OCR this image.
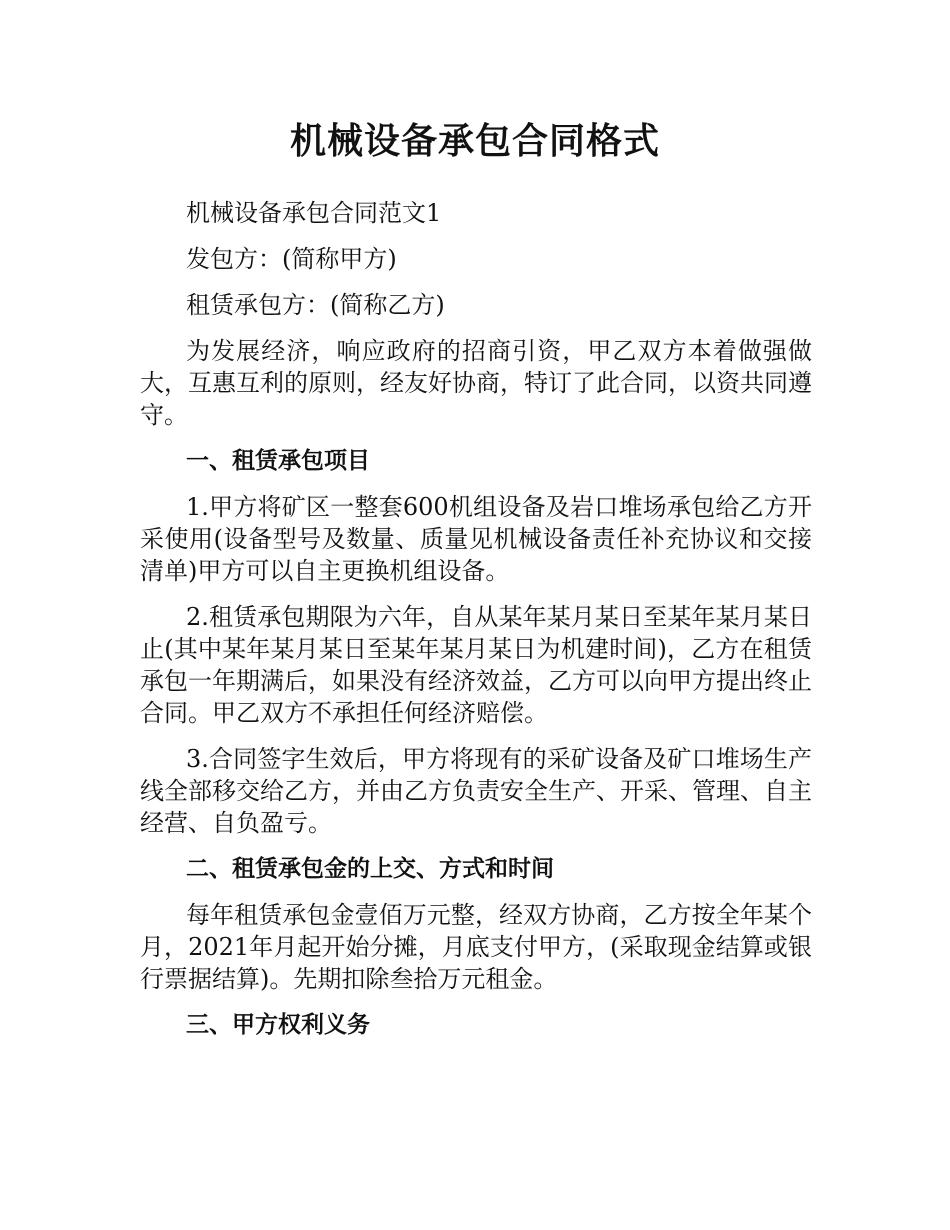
机械设备承包合同格式

机械设备承包合同范文1

发包方：(简称甲方)

租赁承包方：(简称乙方)

为发展经济，响应政府的招商引资，甲乙双方本着做强做大，互惠互利的原则，经友好协商，特订了此合同，以资共同遵守。

一、租赁承包项目

1.甲方将矿区一整套600机组设备及岩口堆场承包给乙方开采使用(设备型号及数量、质量见机械设备责任补充协议和交接清单)甲方可以自主更换机组设备。

2.租赁承包期限为六年，自从某年某月某日至某年某月某日止(其中某年某月某日至某年某月某日为机建时间)，乙方在租赁承包一年期满后，如果没有经济效益，乙方可以向甲方提出终止合同。甲乙双方不承担任何经济赔偿。

3.合同签字生效后，甲方将现有的采矿设备及矿口堆场生产线全部移交给乙方，并由乙方负责安全生产、开采、管理、自主经营、自负盈亏。

二、租赁承包金的上交、方式和时间

每年租赁承包金壹佰万元整，经双方协商，乙方按全年某个月，2021年月起开始分摊，月底支付甲方，(采取现金结算或银行票据结算)。先期扣除叁拾万元租金。

三、甲方权利义务
